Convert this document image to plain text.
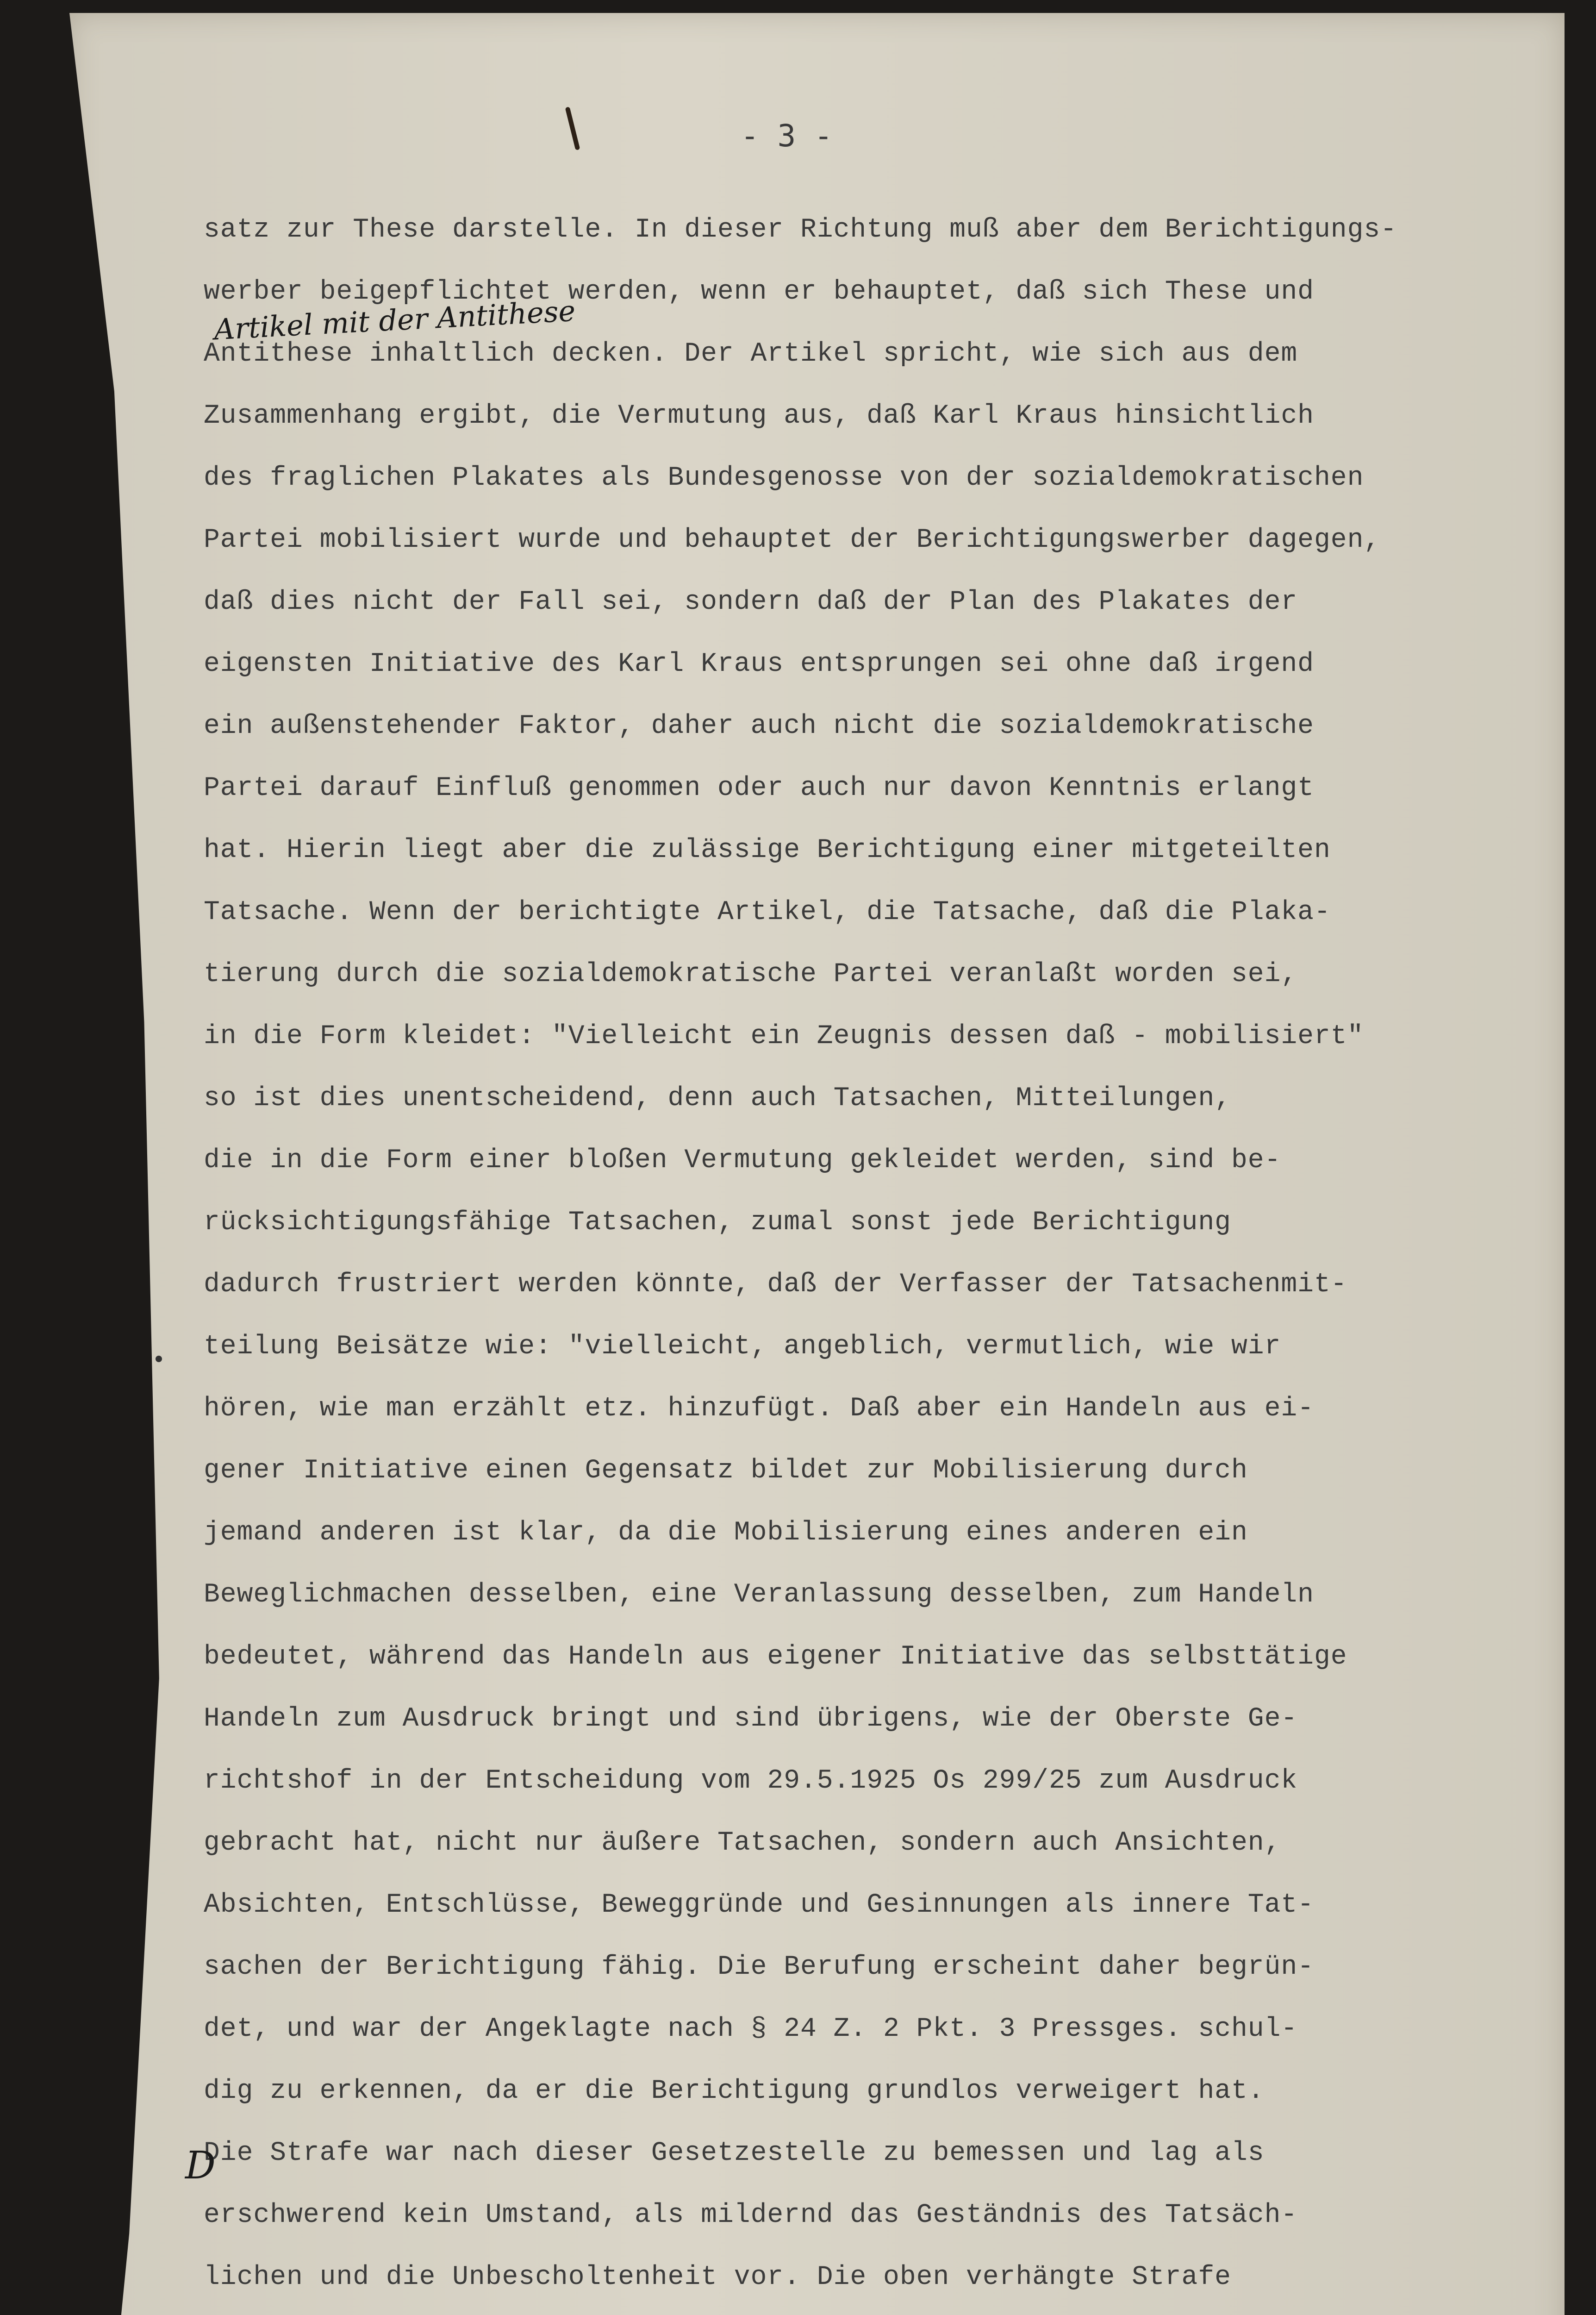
- 3 -
satz zur These darstelle. In dieser Richtung muß aber dem Berichtigungs-
werber beigepflichtet werden, wenn er behauptet, daß sich These und
Antithese inhaltlich decken. Der Artikel spricht, wie sich aus dem
Zusammenhang ergibt, die Vermutung aus, daß Karl Kraus hinsichtlich
des fraglichen Plakates als Bundesgenosse von der sozialdemokratischen
Partei mobilisiert wurde und behauptet der Berichtigungswerber dagegen,
daß dies nicht der Fall sei, sondern daß der Plan des Plakates der
eigensten Initiative des Karl Kraus entsprungen sei ohne daß irgend
ein außenstehender Faktor, daher auch nicht die sozialdemokratische
Partei darauf Einfluß genommen oder auch nur davon Kenntnis erlangt
hat. Hierin liegt aber die zulässige Berichtigung einer mitgeteilten
Tatsache. Wenn der berichtigte Artikel, die Tatsache, daß die Plaka-
tierung durch die sozialdemokratische Partei veranlaßt worden sei,
in die Form kleidet: "Vielleicht ein Zeugnis dessen daß - mobilisiert"
so ist dies unentscheidend, denn auch Tatsachen, Mitteilungen,
die in die Form einer bloßen Vermutung gekleidet werden, sind be-
rücksichtigungsfähige Tatsachen, zumal sonst jede Berichtigung
dadurch frustriert werden könnte, daß der Verfasser der Tatsachenmit-
teilung Beisätze wie: "vielleicht, angeblich, vermutlich, wie wir
hören, wie man erzählt etz. hinzufügt. Daß aber ein Handeln aus ei-
gener Initiative einen Gegensatz bildet zur Mobilisierung durch
jemand anderen ist klar, da die Mobilisierung eines anderen ein
Beweglichmachen desselben, eine Veranlassung desselben, zum Handeln
bedeutet, während das Handeln aus eigener Initiative das selbsttätige
Handeln zum Ausdruck bringt und sind übrigens, wie der Oberste Ge-
richtshof in der Entscheidung vom 29.5.1925 Os 299/25 zum Ausdruck
gebracht hat, nicht nur äußere Tatsachen, sondern auch Ansichten,
Absichten, Entschlüsse, Beweggründe und Gesinnungen als innere Tat-
sachen der Berichtigung fähig. Die Berufung erscheint daher begrün-
det, und war der Angeklagte nach § 24 Z. 2 Pkt. 3 Pressges. schul-
dig zu erkennen, da er die Berichtigung grundlos verweigert hat.
Die Strafe war nach dieser Gesetzestelle zu bemessen und lag als
erschwerend kein Umstand, als mildernd das Geständnis des Tatsäch-
lichen und die Unbescholtenheit vor. Die oben verhängte Strafe
Artikel mit der Antithese
D
